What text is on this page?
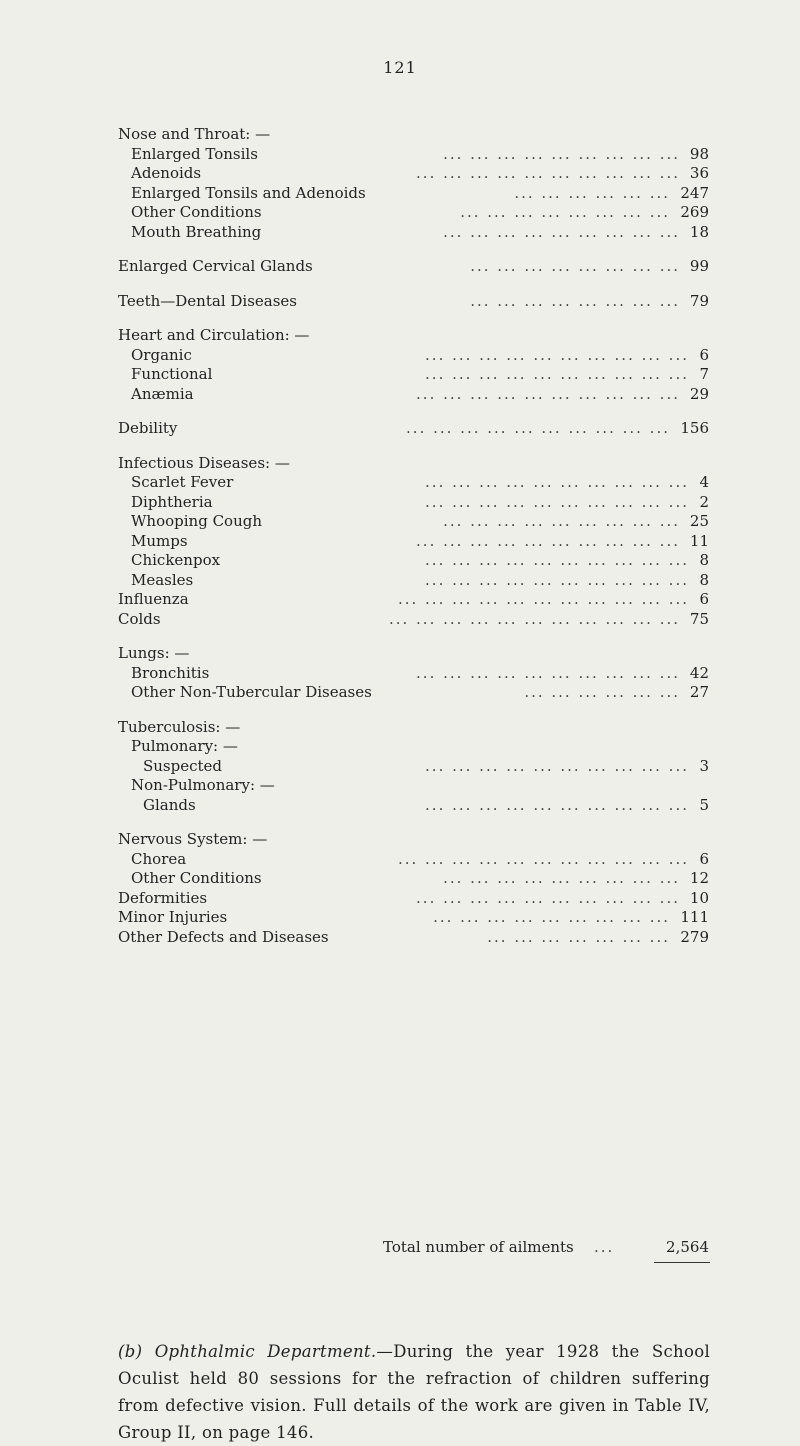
121
Nose and Throat: —
Enlarged Tonsils	... ... ... ... ... ... ... ... ... 98
Adenoids	... ... ... ... ... ... ... ... ... ... 36
Enlarged Tonsils and Adenoids	... ... ... ... ... ... 247
Other Conditions	... ... ... ... ... ... ... ... 269
Mouth Breathing	... ... ... ... ... ... ... ... ... 18
Enlarged Cervical Glands	... ... ... ... ... ... ... ... 99
Teeth—Dental Diseases	... ... ... ... ... ... ... ... 79
Heart and Circulation: —
Organic	... ... ... ... ... ... ... ... ... ... 6
Functional	... ... ... ... ... ... ... ... ... ... 7
Anæmia	... ... ... ... ... ... ... ... ... ... 29
Debility	... ... ... ... ... ... ... ... ... ... 156
Infectious Diseases: —
Scarlet Fever	... ... ... ... ... ... ... ... ... ... 4
Diphtheria	... ... ... ... ... ... ... ... ... ... 2
Whooping Cough	... ... ... ... ... ... ... ... ... 25
Mumps	... ... ... ... ... ... ... ... ... ... 11
Chickenpox	... ... ... ... ... ... ... ... ... ... 8
Measles	... ... ... ... ... ... ... ... ... ... 8
Influenza	... ... ... ... ... ... ... ... ... ... ... 6
Colds	... ... ... ... ... ... ... ... ... ... ... 75
Lungs: —
Bronchitis	... ... ... ... ... ... ... ... ... ... 42
Other Non-Tubercular Diseases	... ... ... ... ... ... 27
Tuberculosis: —
Pulmonary: —
Suspected	... ... ... ... ... ... ... ... ... ... 3
Non-Pulmonary: —
Glands	... ... ... ... ... ... ... ... ... ... 5
Nervous System: —
Chorea	... ... ... ... ... ... ... ... ... ... ... 6
Other Conditions	... ... ... ... ... ... ... ... ... 12
Deformities	... ... ... ... ... ... ... ... ... ... 10
Minor Injuries	... ... ... ... ... ... ... ... ... 111
Other Defects and Diseases	... ... ... ... ... ... ... 279
Total number of ailments ...	2,564
(b) Ophthalmic Department.—During the year 1928 the School Oculist held 80 sessions for the refraction of children suffering from defective vision. Full details of the work are given in Table IV, Group II, on page 146.
